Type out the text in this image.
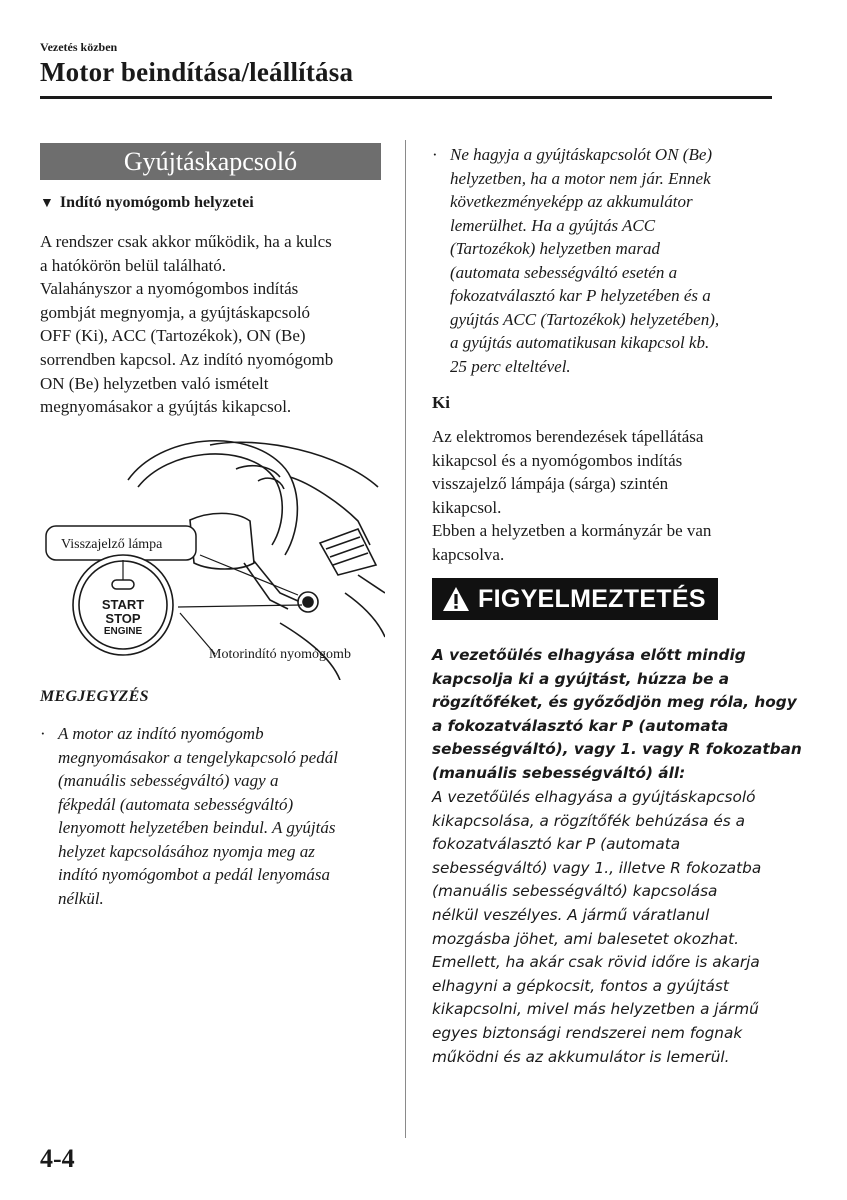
Vezetés közben
Motor beindítása/leállítása
Gyújtáskapcsoló
▼ Indító nyomógomb helyzetei
A rendszer csak akkor működik, ha a kulcs
a hatókörön belül található.
Valahányszor a nyomógombos indítás
gombját megnyomja, a gyújtáskapcsoló
OFF (Ki), ACC (Tartozékok), ON (Be)
sorrendben kapcsol. Az indító nyomógomb
ON (Be) helyzetben való ismételt
megnyomásakor a gyújtás kikapcsol.
Visszajelző lámpa
Motorindító nyomógomb
START
STOP
ENGINE
MEGJEGYZÉS
· A motor az indító nyomógomb
megnyomásakor a tengelykapcsoló pedál
(manuális sebességváltó) vagy a
fékpedál (automata sebességváltó)
lenyomott helyzetében beindul. A gyújtás
helyzet kapcsolásához nyomja meg az
indító nyomógombot a pedál lenyomása
nélkül.
· Ne hagyja a gyújtáskapcsolót ON (Be)
helyzetben, ha a motor nem jár. Ennek
következményeképp az akkumulátor
lemerülhet. Ha a gyújtás ACC
(Tartozékok) helyzetben marad
(automata sebességváltó esetén a
fokozatválasztó kar P helyzetében és a
gyújtás ACC (Tartozékok) helyzetében),
a gyújtás automatikusan kikapcsol kb.
25 perc elteltével.
Ki
Az elektromos berendezések tápellátása
kikapcsol és a nyomógombos indítás
visszajelző lámpája (sárga) szintén
kikapcsol.
Ebben a helyzetben a kormányzár be van
kapcsolva.
FIGYELMEZTETÉS
A vezetőülés elhagyása előtt mindig
kapcsolja ki a gyújtást, húzza be a
rögzítőféket, és győződjön meg róla, hogy
a fokozatválasztó kar P (automata
sebességváltó), vagy 1. vagy R fokozatban
(manuális sebességváltó) áll:
A vezetőülés elhagyása a gyújtáskapcsoló
kikapcsolása, a rögzítőfék behúzása és a
fokozatválasztó kar P (automata
sebességváltó) vagy 1., illetve R fokozatba
(manuális sebességváltó) kapcsolása
nélkül veszélyes. A jármű váratlanul
mozgásba jöhet, ami balesetet okozhat.
Emellett, ha akár csak rövid időre is akarja
elhagyni a gépkocsit, fontos a gyújtást
kikapcsolni, mivel más helyzetben a jármű
egyes biztonsági rendszerei nem fognak
működni és az akkumulátor is lemerül.
4-4
